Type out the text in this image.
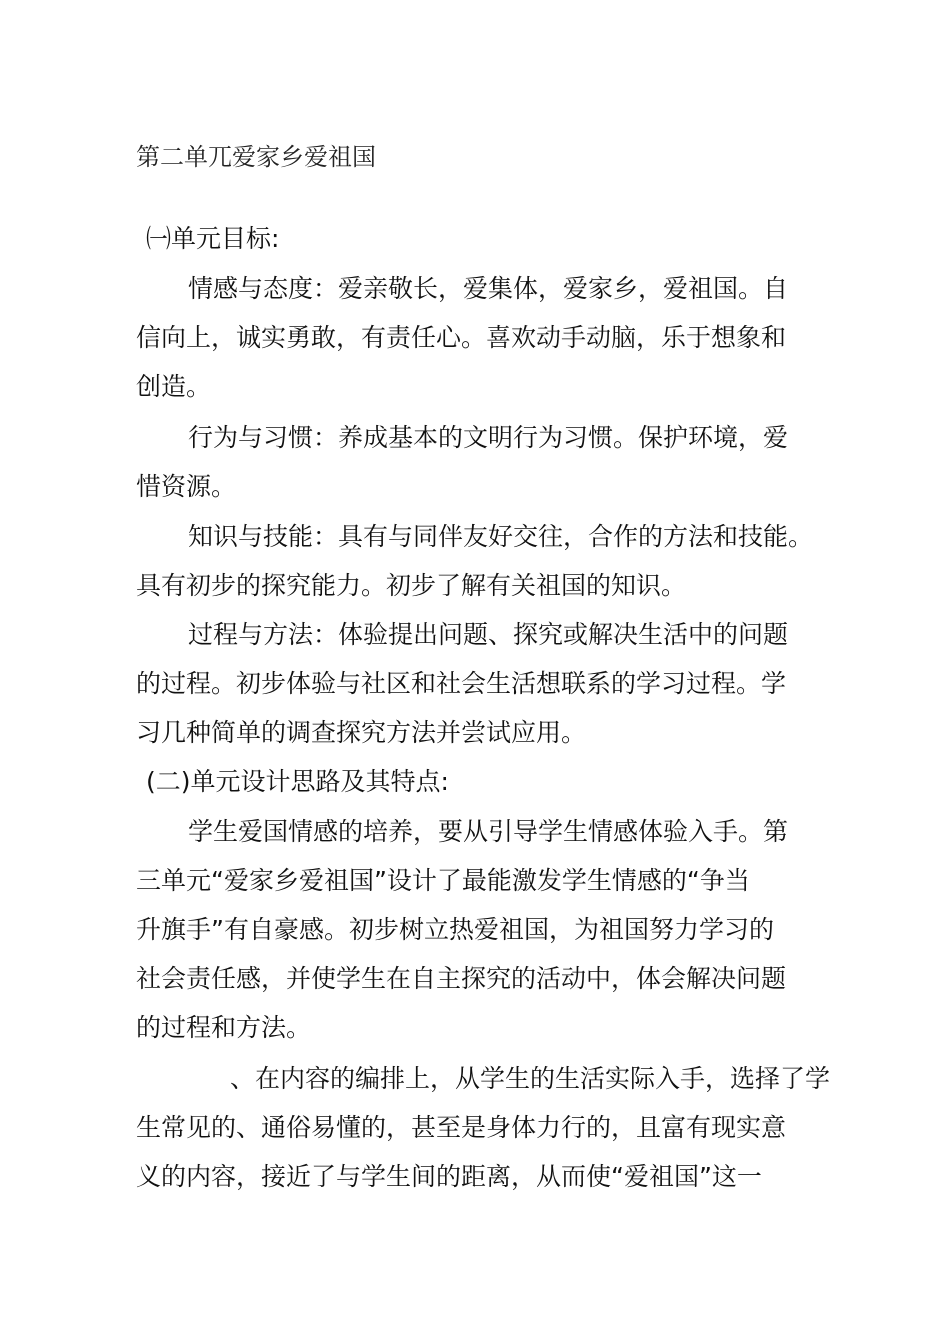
第二单兀爱家乡爱祖国
㈠单元目标:
情感与态度：爱亲敬长，爱集体，爱家乡，爱祖国。自
信向上，诚实勇敢，有责任心。喜欢动手动脑，乐于想象和
创造。
行为与习惯：养成基本的文明行为习惯。保护环境，爱
惜资源。
知识与技能：具有与同伴友好交往，合作的方法和技能。
具有初步的探究能力。初步了解有关祖国的知识。
过程与方法：体验提出问题、探究或解决生活中的问题
的过程。初步体验与社区和社会生活想联系的学习过程。学
习几种简单的调查探究方法并尝试应用。
(二)单元设计思路及其特点:
学生爱国情感的培养，要从引导学生情感体验入手。第
三单元“爱家乡爱祖国”设计了最能激发学生情感的“争当
升旗手”有自豪感。初步树立热爱祖国，为祖国努力学习的
社会责任感，并使学生在自主探究的活动中，体会解决问题
的过程和方法。
、在内容的编排上，从学生的生活实际入手，选择了学
生常见的、通俗易懂的，甚至是身体力行的，且富有现实意
义的内容，接近了与学生间的距离，从而使“爱祖国”这一
